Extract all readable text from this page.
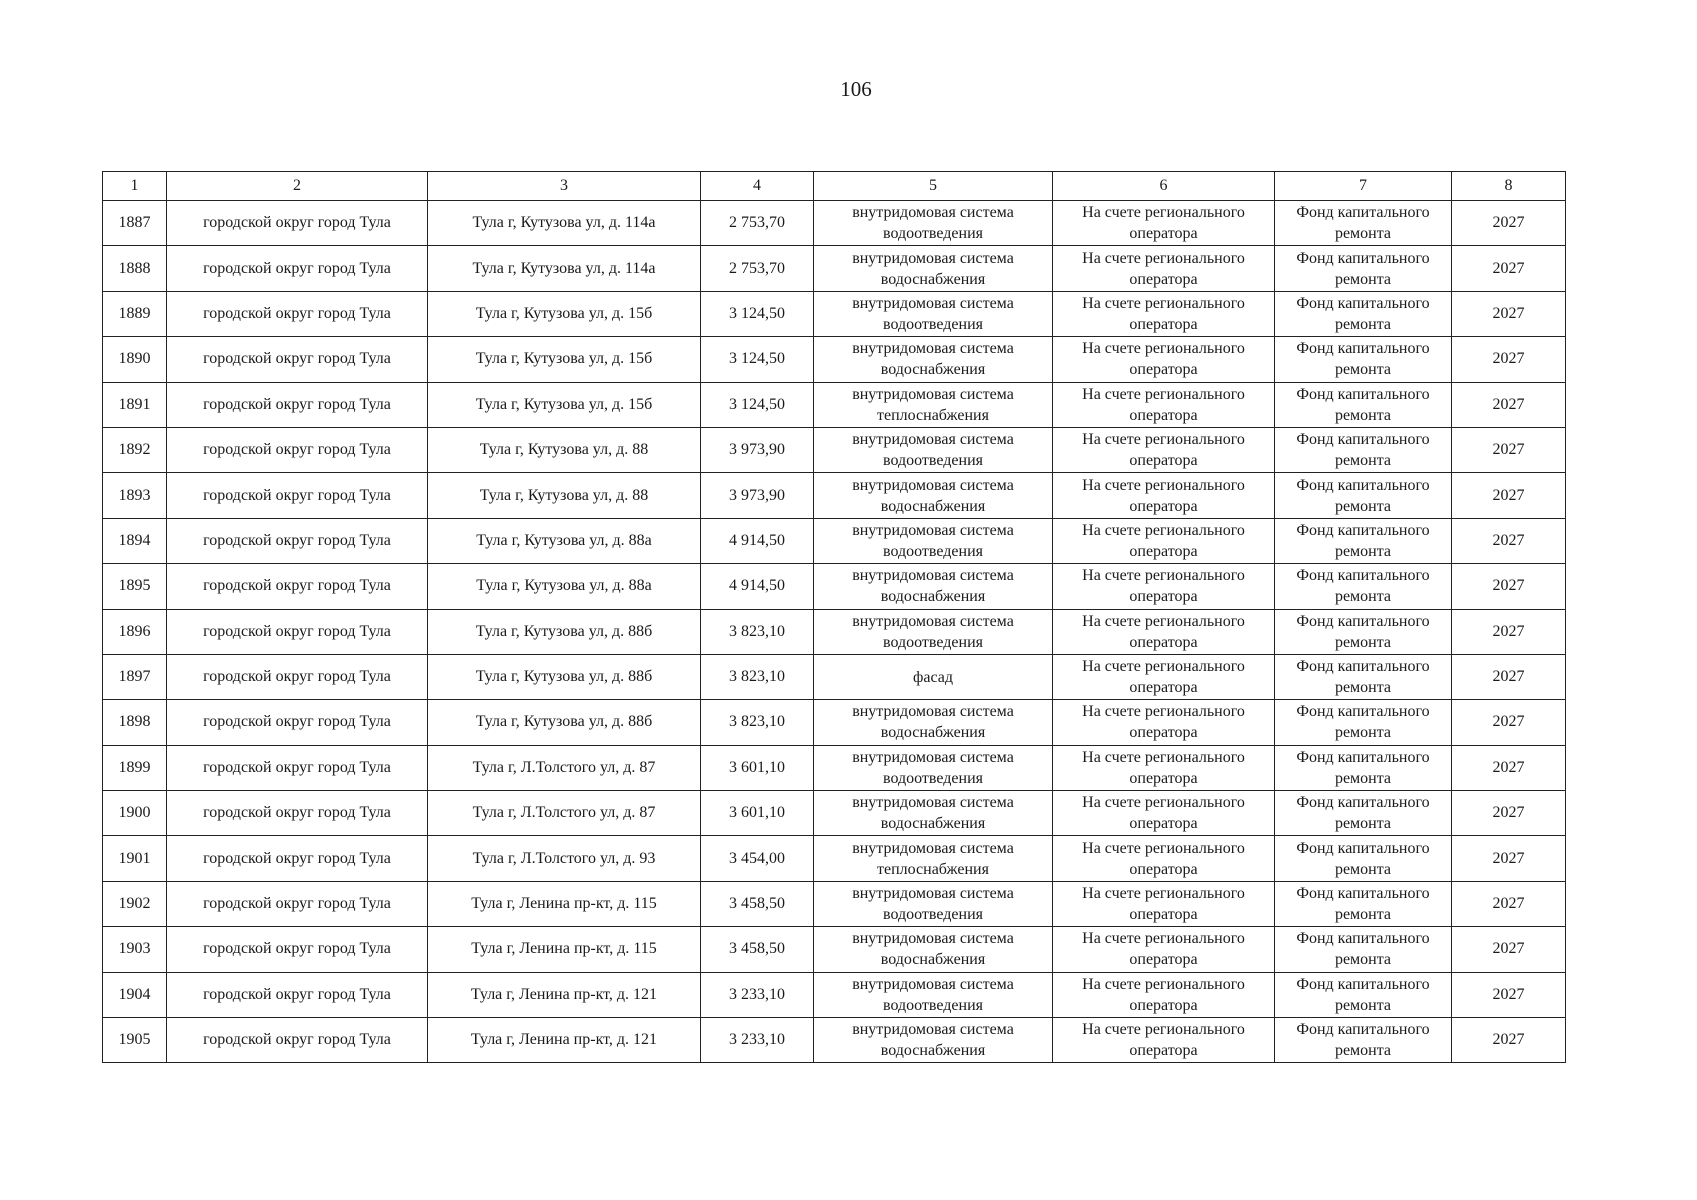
106
1	2	3	4	5	6	7	8
1887	городской округ город Тула	Тула г, Кутузова ул, д. 114а	2 753,70	внутридомовая система водоотведения	На счете регионального оператора	Фонд капитального ремонта	2027
1888	городской округ город Тула	Тула г, Кутузова ул, д. 114а	2 753,70	внутридомовая система водоснабжения	На счете регионального оператора	Фонд капитального ремонта	2027
1889	городской округ город Тула	Тула г, Кутузова ул, д. 15б	3 124,50	внутридомовая система водоотведения	На счете регионального оператора	Фонд капитального ремонта	2027
1890	городской округ город Тула	Тула г, Кутузова ул, д. 15б	3 124,50	внутридомовая система водоснабжения	На счете регионального оператора	Фонд капитального ремонта	2027
1891	городской округ город Тула	Тула г, Кутузова ул, д. 15б	3 124,50	внутридомовая система теплоснабжения	На счете регионального оператора	Фонд капитального ремонта	2027
1892	городской округ город Тула	Тула г, Кутузова ул, д. 88	3 973,90	внутридомовая система водоотведения	На счете регионального оператора	Фонд капитального ремонта	2027
1893	городской округ город Тула	Тула г, Кутузова ул, д. 88	3 973,90	внутридомовая система водоснабжения	На счете регионального оператора	Фонд капитального ремонта	2027
1894	городской округ город Тула	Тула г, Кутузова ул, д. 88а	4 914,50	внутридомовая система водоотведения	На счете регионального оператора	Фонд капитального ремонта	2027
1895	городской округ город Тула	Тула г, Кутузова ул, д. 88а	4 914,50	внутридомовая система водоснабжения	На счете регионального оператора	Фонд капитального ремонта	2027
1896	городской округ город Тула	Тула г, Кутузова ул, д. 88б	3 823,10	внутридомовая система водоотведения	На счете регионального оператора	Фонд капитального ремонта	2027
1897	городской округ город Тула	Тула г, Кутузова ул, д. 88б	3 823,10	фасад	На счете регионального оператора	Фонд капитального ремонта	2027
1898	городской округ город Тула	Тула г, Кутузова ул, д. 88б	3 823,10	внутридомовая система водоснабжения	На счете регионального оператора	Фонд капитального ремонта	2027
1899	городской округ город Тула	Тула г, Л.Толстого ул, д. 87	3 601,10	внутридомовая система водоотведения	На счете регионального оператора	Фонд капитального ремонта	2027
1900	городской округ город Тула	Тула г, Л.Толстого ул, д. 87	3 601,10	внутридомовая система водоснабжения	На счете регионального оператора	Фонд капитального ремонта	2027
1901	городской округ город Тула	Тула г, Л.Толстого ул, д. 93	3 454,00	внутридомовая система теплоснабжения	На счете регионального оператора	Фонд капитального ремонта	2027
1902	городской округ город Тула	Тула г, Ленина пр-кт, д. 115	3 458,50	внутридомовая система водоотведения	На счете регионального оператора	Фонд капитального ремонта	2027
1903	городской округ город Тула	Тула г, Ленина пр-кт, д. 115	3 458,50	внутридомовая система водоснабжения	На счете регионального оператора	Фонд капитального ремонта	2027
1904	городской округ город Тула	Тула г, Ленина пр-кт, д. 121	3 233,10	внутридомовая система водоотведения	На счете регионального оператора	Фонд капитального ремонта	2027
1905	городской округ город Тула	Тула г, Ленина пр-кт, д. 121	3 233,10	внутридомовая система водоснабжения	На счете регионального оператора	Фонд капитального ремонта	2027
